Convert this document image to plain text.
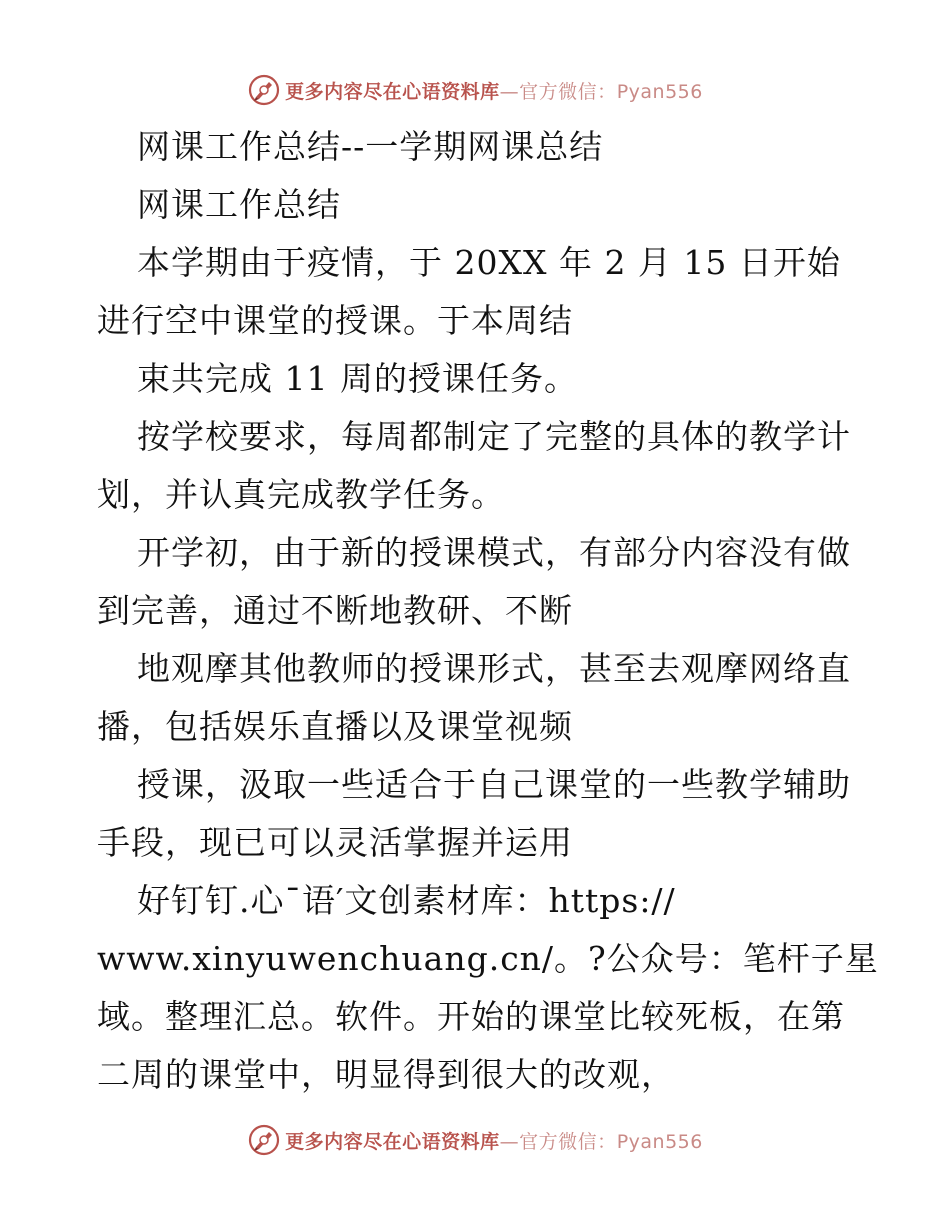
更多内容尽在心语资料库—官方微信：Pyan556
网课工作总结--一学期网课总结
网课工作总结
本学期由于疫情，于 20XX 年 2 月 15 日开始
进行空中课堂的授课。于本周结
束共完成 11 周的授课任务。
按学校要求，每周都制定了完整的具体的教学计
划，并认真完成教学任务。
开学初，由于新的授课模式，有部分内容没有做
到完善，通过不断地教研、不断
地观摩其他教师的授课形式，甚至去观摩网络直
播，包括娱乐直播以及课堂视频
授课，汲取一些适合于自己课堂的一些教学辅助
手段，现已可以灵活掌握并运用
好钉钉.心¯语′文创素材库：https://
www.xinyuwenchuang.cn/。?公众号：笔杆子星
域。整理汇总。软件。开始的课堂比较死板，在第
二周的课堂中，明显得到很大的改观，
更多内容尽在心语资料库—官方微信：Pyan556
